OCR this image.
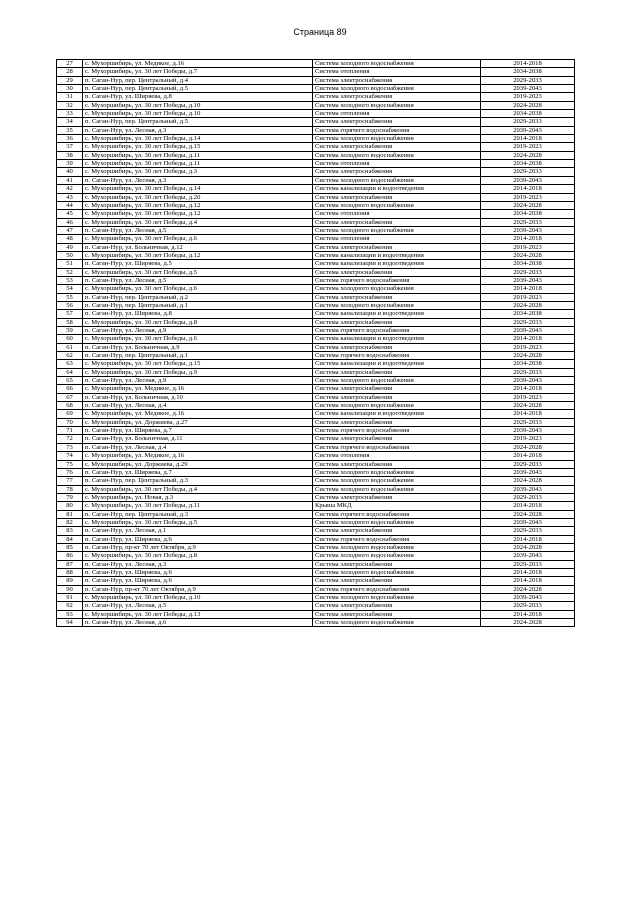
Страница 89
27	с. Мухоршибирь, ул. Медикое, д.16	Система холодного водоснабжения	2014-2018
28	с. Мухоршибирь, ул. 30 лет Победы, д.7	Система отопления	2034-2038
29	п. Саган-Нур, пер. Центральный, д.4	Система электроснабжения	2029-2033
30	п. Саган-Нур, пер. Центральный, д.5	Система холодного водоснабжения	2039-2043
31	п. Саган-Нур, ул. Ширяева, д.8	Система электроснабжения	2019-2023
32	с. Мухоршибирь, ул. 30 лет Победы, д.10	Система холодного водоснабжения	2024-2028
33	с. Мухоршибирь, ул. 30 лет Победы, д.10	Система отопления	2034-2038
34	п. Саган-Нур, пер. Центральный, д.5	Система электроснабжения	2029-2033
35	п. Саган-Нур, ул. Лесная, д.3	Система горячего водоснабжения	2039-2043
36	с. Мухоршибирь, ул. 30 лет Победы, д.14	Система холодного водоснабжения	2014-2018
37	с. Мухоршибирь, ул. 30 лет Победы, д.15	Система электроснабжения	2019-2023
38	с. Мухоршибирь, ул. 30 лет Победы, д.11	Система холодного водоснабжения	2024-2028
39	с. Мухоршибирь, ул. 30 лет Победы, д.11	Система отопления	2034-2038
40	с. Мухоршибирь, ул. 30 лет Победы, д.3	Система электроснабжения	2029-2033
41	п. Саган-Нур, ул. Лесная, д.3	Система холодного водоснабжения	2039-2043
42	с. Мухоршибирь, ул. 30 лет Победы, д.14	Система канализации и водоотведения	2014-2018
43	с. Мухоршибирь, ул. 30 лет Победы, д.20	Система электроснабжения	2019-2023
44	с. Мухоршибирь, ул. 30 лет Победы, д.12	Система холодного водоснабжения	2024-2028
45	с. Мухоршибирь, ул. 30 лет Победы, д.12	Система отопления	2034-2038
46	с. Мухоршибирь, ул. 30 лет Победы, д.4	Система электроснабжения	2029-2033
47	п. Саган-Нур, ул. Лесная, д.5	Система холодного водоснабжения	2039-2043
48	с. Мухоршибирь, ул. 30 лет Победы, д.6	Система отопления	2014-2018
49	п. Саган-Нур, ул. Больничная, д.12	Система электроснабжения	2019-2023
50	с. Мухоршибирь, ул. 30 лет Победы, д.12	Система канализации и водоотведения	2024-2028
51	п. Саган-Нур, ул. Ширяева, д.5	Система канализации и водоотведения	2034-2038
52	с. Мухоршибирь, ул. 30 лет Победы, д.5	Система электроснабжения	2029-2033
53	п. Саган-Нур, ул. Лесная, д.5	Система горячего водоснабжения	2039-2043
54	с. Мухоршибирь, ул. 30 лет Победы, д.6	Система холодного водоснабжения	2014-2018
55	п. Саган-Нур, пер. Центральный, д.2	Система электроснабжения	2019-2023
56	п. Саган-Нур, пер. Центральный, д.1	Система холодного водоснабжения	2024-2028
57	п. Саган-Нур, ул. Ширяева, д.8	Система канализации и водоотведения	2034-2038
58	с. Мухоршибирь, ул. 30 лет Победы, д.8	Система электроснабжения	2029-2033
59	п. Саган-Нур, ул. Лесная, д.9	Система горячего водоснабжения	2039-2043
60	с. Мухоршибирь, ул. 30 лет Победы, д.6	Система канализации и водоотведения	2014-2018
61	п. Саган-Нур, ул. Больничная, д.9	Система электроснабжения	2019-2023
62	п. Саган-Нур, пер. Центральный, д.1	Система горячего водоснабжения	2024-2028
63	с. Мухоршибирь, ул. 30 лет Победы, д.15	Система канализации и водоотведения	2034-2038
64	с. Мухоршибирь, ул. 30 лет Победы, д.9	Система электроснабжения	2029-2033
65	п. Саган-Нур, ул. Лесная, д.9	Система холодного водоснабжения	2039-2043
66	с. Мухоршибирь, ул. Медикое, д.16	Система электроснабжения	2014-2018
67	п. Саган-Нур, ул. Больничная, д.10	Система электроснабжения	2019-2023
68	п. Саган-Нур, ул. Лесная, д.4	Система холодного водоснабжения	2024-2028
69	с. Мухоршибирь, ул. Медикое, д.16	Система канализации и водоотведения	2014-2018
70	с. Мухоршибирь, ул. Доржиева, д.27	Система электроснабжения	2029-2033
71	п. Саган-Нур, ул. Ширяева, д.7	Система горячего водоснабжения	2039-2043
72	п. Саган-Нур, ул. Больничная, д.11	Система электроснабжения	2019-2023
73	п. Саган-Нур, ул. Лесная, д.4	Система горячего водоснабжения	2024-2028
74	с. Мухоршибирь, ул. Медикое, д.16	Система отопления	2014-2018
75	с. Мухоршибирь, ул. Доржиева, д.29	Система электроснабжения	2029-2033
76	п. Саган-Нур, ул. Ширяева, д.7	Система холодного водоснабжения	2039-2043
77	п. Саган-Нур, пер. Центральный, д.3	Система холодного водоснабжения	2024-2028
78	с. Мухоршибирь, ул. 30 лет Победы, д.4	Система холодного водоснабжения	2039-2043
79	с. Мухоршибирь, ул. Новая, д.3	Система электроснабжения	2029-2033
80	с. Мухоршибирь, ул. 30 лет Победы, д.11	Крыша МКД	2014-2018
81	п. Саган-Нур, пер. Центральный, д.3	Система горячего водоснабжения	2024-2028
82	с. Мухоршибирь, ул. 30 лет Победы, д.5	Система холодного водоснабжения	2039-2043
83	п. Саган-Нур, ул. Лесная, д.1	Система электроснабжения	2029-2033
84	п. Саган-Нур, ул. Ширяева, д.6	Система горячего водоснабжения	2014-2018
85	п. Саган-Нур, пр-кт 70 лет Октября, д.9	Система холодного водоснабжения	2024-2028
86	с. Мухоршибирь, ул. 30 лет Победы, д.8	Система холодного водоснабжения	2039-2043
87	п. Саган-Нур, ул. Лесная, д.3	Система электроснабжения	2029-2033
88	п. Саган-Нур, ул. Ширяева, д.6	Система холодного водоснабжения	2014-2018
89	п. Саган-Нур, ул. Ширяева, д.6	Система электроснабжения	2014-2018
90	п. Саган-Нур, пр-кт 70 лет Октября, д.9	Система горячего водоснабжения	2024-2028
91	с. Мухоршибирь, ул. 30 лет Победы, д.10	Система холодного водоснабжения	2039-2043
92	п. Саган-Нур, ул. Лесная, д.5	Система электроснабжения	2029-2033
93	с. Мухоршибирь, ул. 30 лет Победы, д.13	Система электроснабжения	2014-2018
94	п. Саган-Нур, ул. Лесная, д.6	Система холодного водоснабжения	2024-2028
